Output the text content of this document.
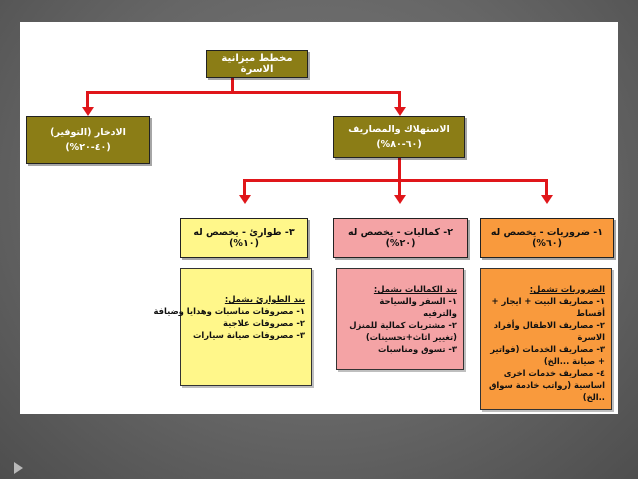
مخطط ميزانية الاسرة
الادخار (التوفير)
(٤٠-٢٠%)
الاستهلاك والمصاريف
(٦٠-٨٠%)
٣- طوارئ - يخصص له (١٠%)
٢- كماليات - يخصص له (٢٠%)
١- ضروريات - يخصص له (٦٠%)
بند الطوارئ يشمل:
١- مصروفات مناسبات وهدايا وضيافة
٢- مصروفات علاجية
٣- مصروفات صيانة سيارات
بند الكماليات يشمل:
١- السفر والسياحة والترفيه
٢- مشتريات كمالية للمنزل (تغيير اثاث+تحسينات)
٣- تسوق ومناسبات
الضروريات تشمل:
١- مصاريف البيت + ايجار + أقساط
٢- مصاريف الاطفال وأفراد الاسرة
٣- مصاريف الخدمات (فواتير + صيانة ...الخ)
٤- مصاريف خدمات اخرى اساسية (رواتب خادمة سواق ..الخ)
